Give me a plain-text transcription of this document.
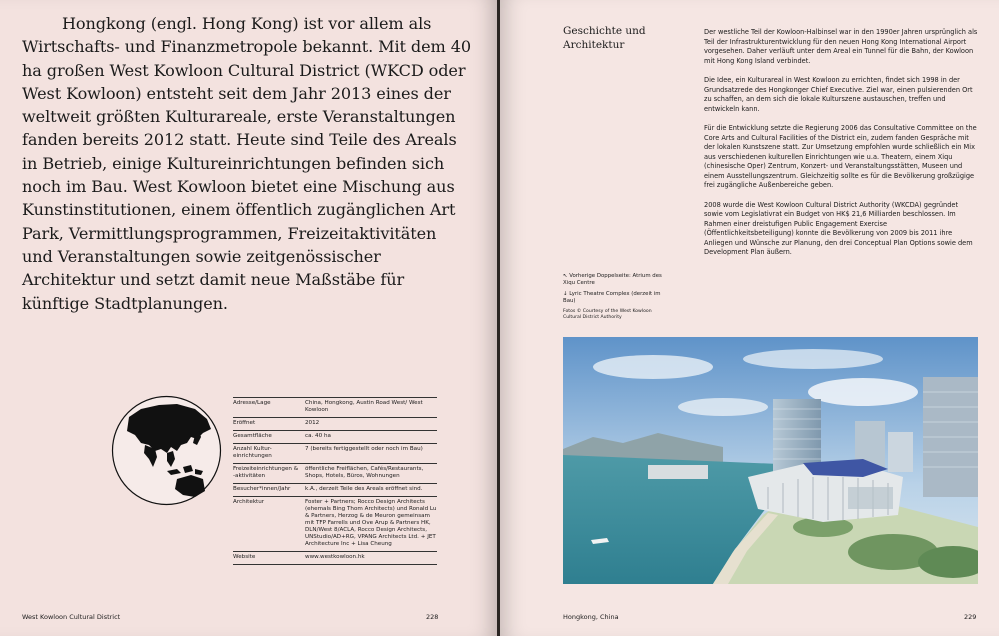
Hongkong (engl. Hong Kong) ist vor allem als Wirtschafts- und Finanzmetropole bekannt. Mit dem 40 ha großen West Kowloon Cultural District (WKCD oder West Kowloon) entsteht seit dem Jahr 2013 eines der weltweit größten Kulturareale, erste Veranstaltungen fanden bereits 2012 statt. Heute sind Teile des Areals in Betrieb, einige Kultureinrichtungen befinden sich noch im Bau. West Kowloon bietet eine Mischung aus Kunstinstitutionen, einem öffentlich zugänglichen Art Park, Vermittlungsprogrammen, Freizeitaktivitäten und Veranstaltungen sowie zeitgenössischer Architektur und setzt damit neue Maßstäbe für künftige Stadtplanungen.

Adresse/Lage	China, Hongkong, Austin Road West/ West Kowloon
Eröffnet	2012
Gesamtfläche	ca. 40 ha
Anzahl Kultur-einrichtungen	7 (bereits fertiggestellt oder noch im Bau)
Freizeiteinrichtungen & -aktivitäten	öffentliche Freiflächen, Cafés/Restaurants, Shops, Hotels, Büros, Wohnungen
Besucher*innen/Jahr	k.A., derzeit Teile des Areals eröffnet sind.
Architektur	Foster + Partners; Rocco Design Architects (ehemals Bing Thom Architects) und Ronald Lu & Partners, Herzog & de Meuron gemeinsam mit TFP Farrells und Ove Arup & Partners HK, DLN/West 8/ACLA, Rocco Design Architects, UNStudio/AD+RG, VPANG Architects Ltd. + JET Architecture Inc + Lisa Cheung
Website	www.westkowloon.hk
West Kowloon Cultural District	228
Geschichte und Architektur

Der westliche Teil der Kowloon-Halbinsel war in den 1990er Jahren ursprünglich als Teil der Infrastrukturentwicklung für den neuen Hong Kong International Airport vorgesehen. Daher verläuft unter dem Areal ein Tunnel für die Bahn, der Kowloon mit Hong Kong Island verbindet.

Die Idee, ein Kulturareal in West Kowloon zu errichten, findet sich 1998 in der Grundsatzrede des Hongkonger Chief Executive. Ziel war, einen pulsierenden Ort zu schaffen, an dem sich die lokale Kulturszene austauschen, treffen und entwickeln kann.

Für die Entwicklung setzte die Regierung 2006 das Consultative Committee on the Core Arts and Cultural Facilities of the District ein, zudem fanden Gespräche mit der lokalen Kunstszene statt. Zur Umsetzung empfohlen wurde schließlich ein Mix aus verschiedenen kulturellen Einrichtungen wie u.a. Theatern, einem Xiqu (chinesische Oper) Zentrum, Konzert- und Veranstaltungsstätten, Museen und einem Ausstellungszentrum. Gleichzeitig sollte es für die Bevölkerung großzügige frei zugängliche Außenbereiche geben.

2008 wurde die West Kowloon Cultural District Authority (WKCDA) gegründet sowie vom Legislativrat ein Budget von HK$ 21,6 Milliarden beschlossen. Im Rahmen einer dreistufigen Public Engagement Exercise (Öffentlichkeitsbeteiligung) konnte die Bevölkerung von 2009 bis 2011 ihre Anliegen und Wünsche zur Planung, den drei Conceptual Plan Options sowie dem Development Plan äußern.

↖ Vorherige Doppelseite: Atrium des Xiqu Centre

↓ Lyric Theatre Complex (derzeit im Bau)

Fotos © Courtesy of the West Kowloon Cultural District Authority

Hongkong, China	229
